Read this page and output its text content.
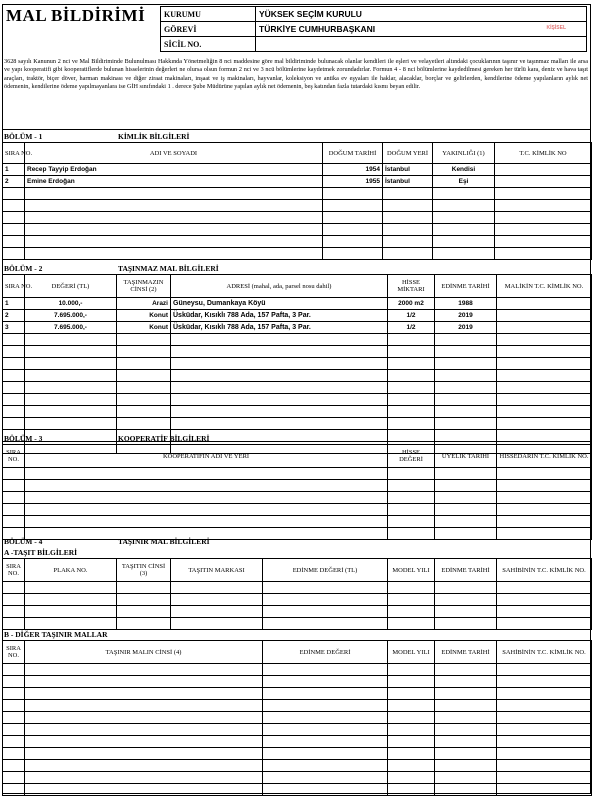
MAL BİLDİRİMİ KURUMU	YÜKSEK SEÇİM KURULU
GÖREVİ	TÜRKİYE CUMHURBAŞKANI KİŞİSEL

SİCİL NO.	
3628 sayılı Kanunun 2 nci ve Mal Bildiriminde Bulunulması Hakkında Yönetmeliğin 8 nci maddesine göre mal bildiriminde bulunacak olanlar kendileri ile eşleri ve velayetleri altındaki çocuklarının taşınır ve taşınmaz malları ile arsa ve yapı kooperatifi gibi kooperatiflerde bulunan hisselerinin değerleri ne olursa olsun formun 2 nci ve 3 ncü bölümlerine kaydetmek zorundadırlar. Formun 4 - 8 nci bölümlerine kaydedilmesi gereken her türlü kara, deniz ve hava taşıt araçları, traktör, biçer döver, harman makinası ve diğer ziraat makinaları, inşaat ve iş makinaları, hayvanlar, koleksiyon ve antika ev eşyaları ile haklar, alacaklar, borçlar ve gelirlerden, kendilerine ödeme yapılanların aylık net ödemenin, kendilerine ödeme yapılmayanlara ise GİH sınıfındaki 1 . derece Şube Müdürüne yapılan aylık net ödemenin, beş katından fazla tutardaki kısmı beyan edilir.
BÖLÜM - 1	KİMLİK BİLGİLERİ
SIRA NO.	ADI VE SOYADI	DOĞUM TARİHİ	DOĞUM YERİ	YAKINLIĞI (1)	T.C. KİMLİK NO
1	Recep Tayyip Erdoğan	1954	İstanbul	Kendisi	
2	Emine Erdoğan	1955	İstanbul	Eşi	

BÖLÜM - 2	TAŞINMAZ MAL BİLGİLERİ
SIRA NO.	DEĞERİ (TL)	TAŞINMAZIN CİNSİ (2)	ADRESİ (mahal, ada, parsel nosu dahil)	HİSSE MİKTARI	EDİNME TARİHİ	MALİKİN T.C. KİMLİK NO.
1	10.000,-	Arazi	Güneysu, Dumankaya Köyü	2000 m2	1988	
2	7.695.000,-	Konut	Üsküdar, Kısıklı 788 Ada, 157 Pafta, 3 Par.	1/2	2019	
3	7.695.000,-	Konut	Üsküdar, Kısıklı 788 Ada, 157 Pafta, 3 Par.	1/2	2019	

BÖLÜM - 3	KOOPERATİF BİLGİLERİ
SIRA NO.	KOOPERATİFİN ADI VE YERİ	HİSSE DEĞERİ	ÜYELİK TARİHİ	HİSSEDARIN T.C. KİMLİK NO.

BÖLÜM - 4	TAŞINIR MAL BİLGİLERİ
A -TAŞIT BİLGİLERİ
SIRA NO.	PLAKA NO.	TAŞITIN CİNSİ (3)	TAŞITIN MARKASI	EDİNME DEĞERİ (TL)	MODEL YILI	EDİNME TARİHİ	SAHİBİNİN T.C. KİMLİK NO.

B - DİĞER TAŞINIR MALLAR
SIRA NO.	TAŞINIR MALIN CİNSİ (4)	EDİNME DEĞERİ	MODEL YILI	EDİNME TARİHİ	SAHİBİNİN T.C. KİMLİK NO.
